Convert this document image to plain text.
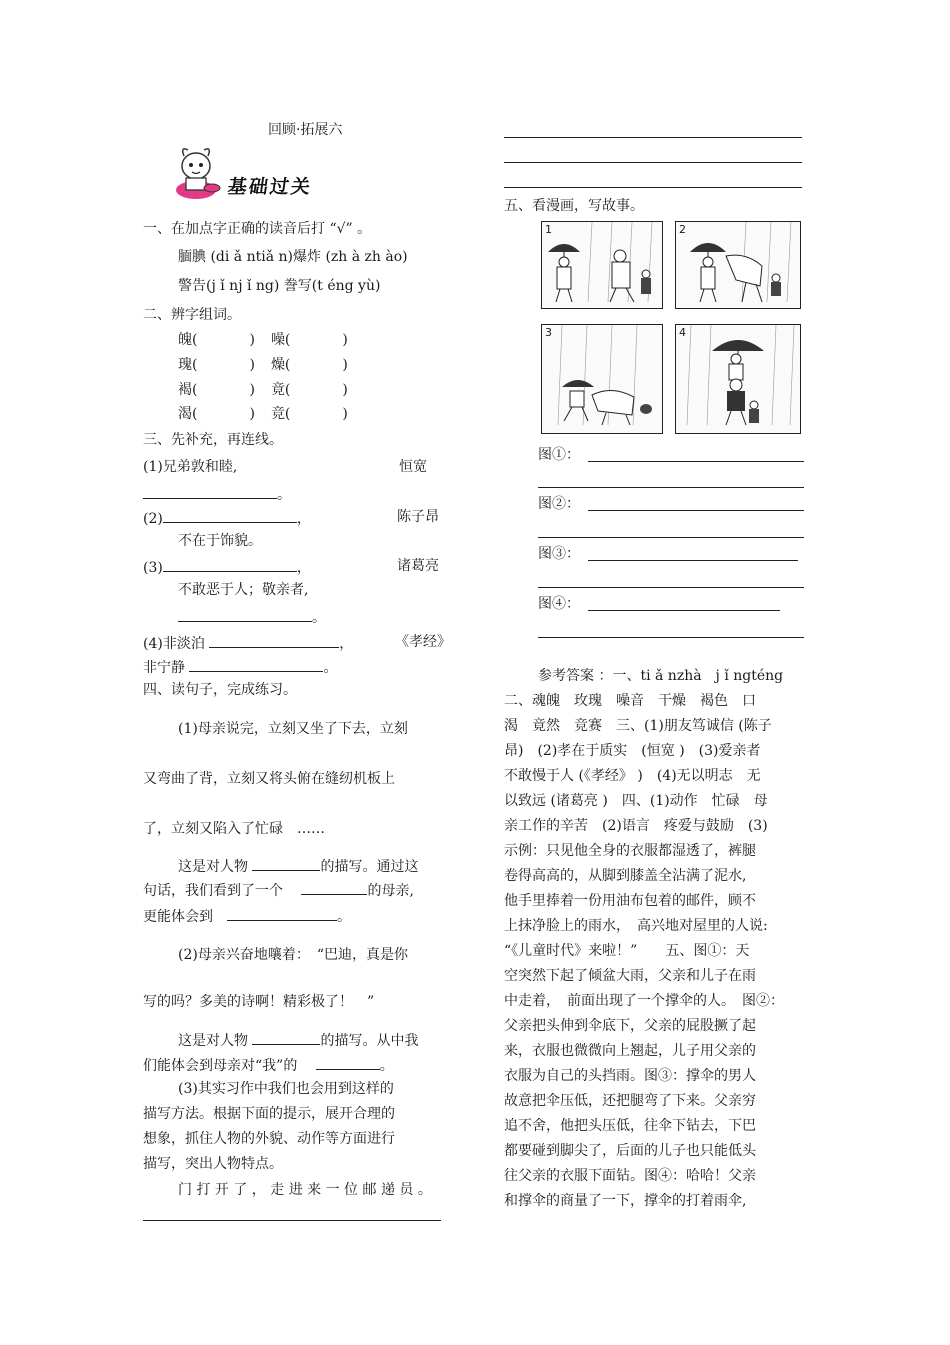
回顾·拓展六
基础过关
一、在加点字正确的读音后打 “√” 。
腼腆 (di ǎ ntiǎ n)爆炸 (zh à zh ào)
警告(j ǐ nj ǐ ng) 誊写(t éng yù)
二、辨字组词。
魄(	) 噪(	)
瑰(	) 燥(	)
褐(	) 竟(	)
渴(	) 竞(	)
三、先补充，再连线。
(1)兄弟敦和睦,	恒宽
。
(2)	，	陈子昂
不在于饰貌。
(3)	，	诸葛亮
不敢恶于人；敬亲者,
。
(4)非淡泊	，	《孝经》
非宁静	。
四、读句子，完成练习。
(1)母亲说完，立刻又坐了下去，立刻
又弯曲了背，立刻又将头俯在缝纫机板上
了，立刻又陷入了忙碌　……
这是对人物	的描写。通过这
句话，我们看到了一个　	的母亲,
更能体会到　	。
(2)母亲兴奋地嚷着：　“巴迪，真是你
写的吗？多美的诗啊！精彩极了！　”
这是对人物	的描写。从中我
们能体会到母亲对“我”的　	。
(3)其实习作中我们也会用到这样的
描写方法。根据下面的提示，展开合理的
想象，抓住人物的外貌、动作等方面进行
描写，突出人物特点。
门 打 开 了 ， 走 进 来 一 位 邮 递 员 。
五、看漫画，写故事。
1	2
3	4
图①：
图②：
图③：
图④：

参考答案 ：一、ti ǎ nzhà　j ǐ ngténg

二、魂魄　玫瑰　噪音　干燥　褐色　口

渴　竟然　竞赛　三、(1)朋友笃诚信 (陈子

昂)　(2)孝在于质实　(恒宽 )　(3)爱亲者

不敢慢于人 (《孝经》 )　(4)无以明志　无

以致远 (诸葛亮 )　四、(1)动作　忙碌　母

亲工作的辛苦　(2)语言　疼爱与鼓励　(3)

示例：只见他全身的衣服都湿透了，裤腿

卷得高高的，从脚到膝盖全沾满了泥水,

他手里捧着一份用油布包着的邮件，顾不

上抹净脸上的雨水，　高兴地对屋里的人说:

“《儿童时代》来啦！”　　五、图①：天

空突然下起了倾盆大雨，父亲和儿子在雨

中走着，　前面出现了一个撑伞的人。　图②：

父亲把头伸到伞底下，父亲的屁股撅了起

来，衣服也微微向上翘起，儿子用父亲的

衣服为自己的头挡雨。图③：撑伞的男人

故意把伞压低，还把腿弯了下来。父亲穷

追不舍，他把头压低，往伞下钻去，下巴

都要碰到脚尖了，后面的儿子也只能低头

往父亲的衣服下面钻。图④：哈哈！父亲

和撑伞的商量了一下，撑伞的打着雨伞,
